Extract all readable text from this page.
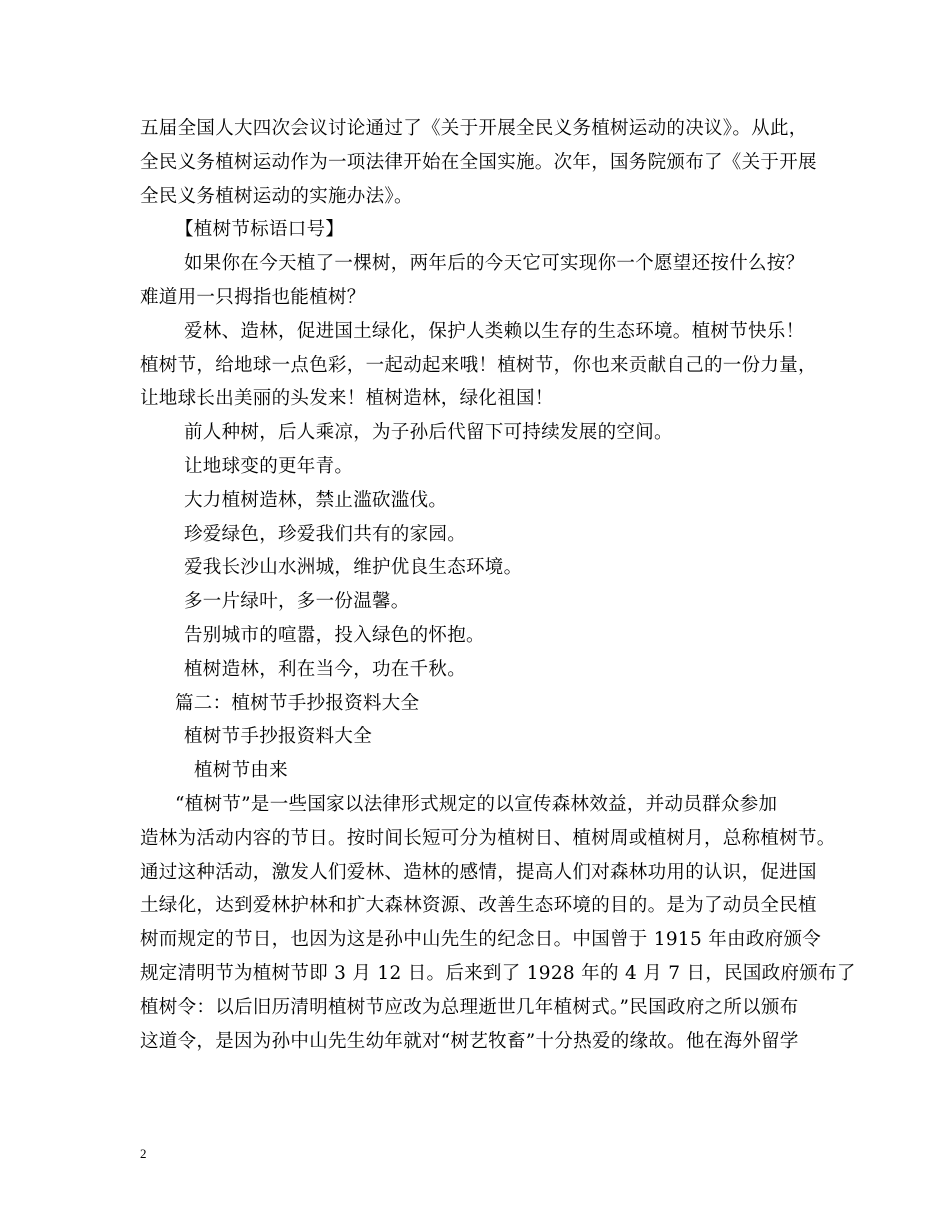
五届全国人大四次会议讨论通过了《关于开展全民义务植树运动的决议》。从此，
全民义务植树运动作为一项法律开始在全国实施。次年，国务院颁布了《关于开展
全民义务植树运动的实施办法》。
【植树节标语口号】
如果你在今天植了一棵树，两年后的今天它可实现你一个愿望还按什么按？
难道用一只拇指也能植树？
爱林、造林，促进国土绿化，保护人类赖以生存的生态环境。植树节快乐！
植树节，给地球一点色彩，一起动起来哦！植树节，你也来贡献自己的一份力量，
让地球长出美丽的头发来！植树造林，绿化祖国！
前人种树，后人乘凉，为子孙后代留下可持续发展的空间。
让地球变的更年青。
大力植树造林，禁止滥砍滥伐。
珍爱绿色，珍爱我们共有的家园。
爱我长沙山水洲城，维护优良生态环境。
多一片绿叶，多一份温馨。
告别城市的喧嚣，投入绿色的怀抱。
植树造林，利在当今，功在千秋。
篇二：植树节手抄报资料大全
植树节手抄报资料大全
植树节由来
“植树节”是一些国家以法律形式规定的以宣传森林效益，并动员群众参加
造林为活动内容的节日。按时间长短可分为植树日、植树周或植树月，总称植树节。
通过这种活动，激发人们爱林、造林的感情，提高人们对森林功用的认识，促进国
土绿化，达到爱林护林和扩大森林资源、改善生态环境的目的。是为了动员全民植
树而规定的节日，也因为这是孙中山先生的纪念日。中国曾于 1915 年由政府颁令
规定清明节为植树节即 3 月 12 日。后来到了 1928 年的 4 月 7 日，民国政府颁布了
植树令：以后旧历清明植树节应改为总理逝世几年植树式。”民国政府之所以颁布
这道令，是因为孙中山先生幼年就对“树艺牧畜”十分热爱的缘故。他在海外留学
2
